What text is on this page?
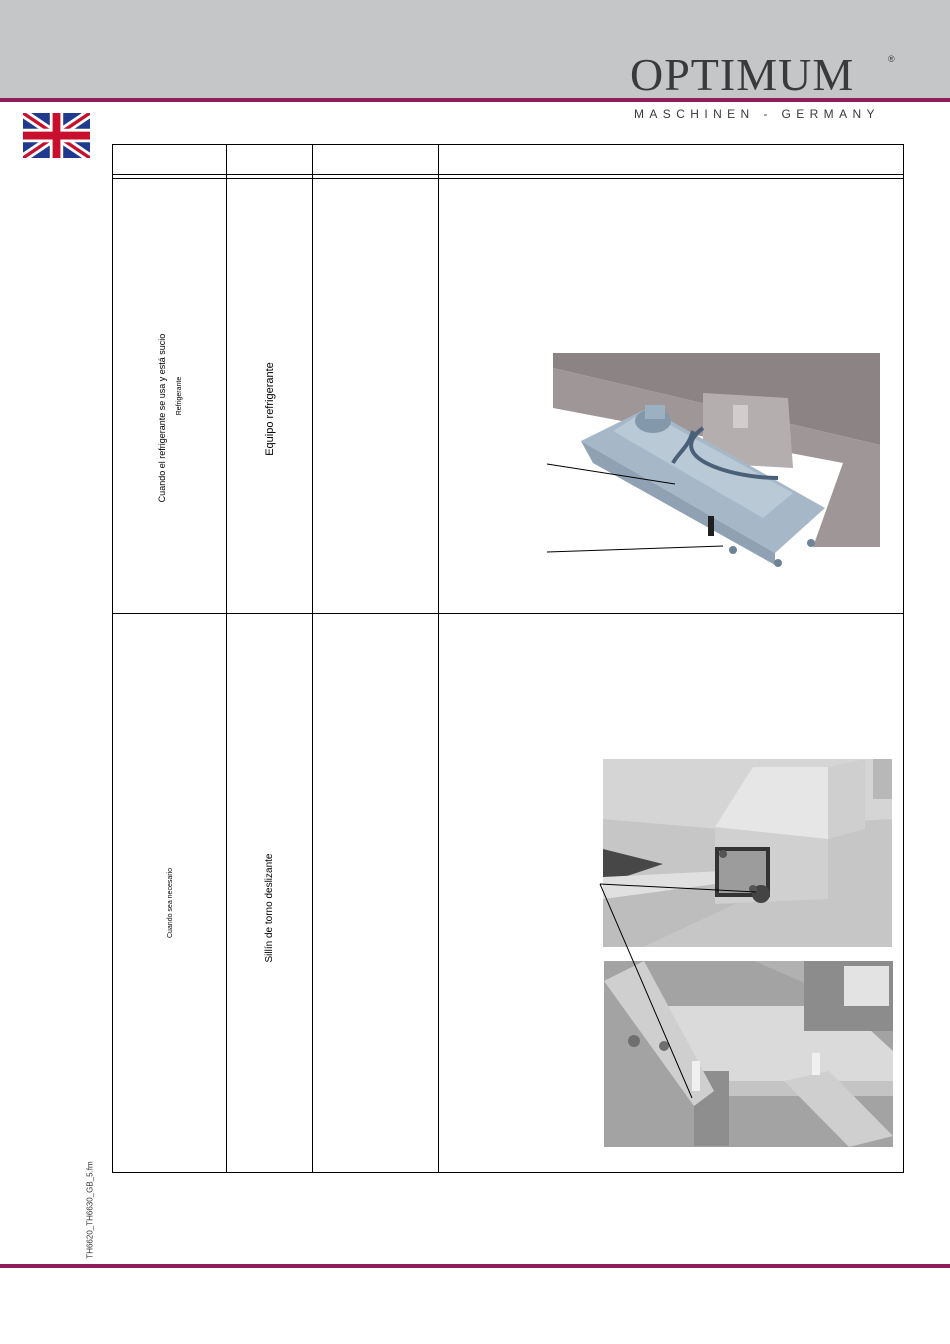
OPTIMUM	®
MASCHINEN - GERMANY
Cuando el refrigerante se usa y está sucio Refrigerante	Equipo refrigerante
Cuando sea necesario	Sillín de torno deslizante
TH6620_TH6630_GB_5.fm
